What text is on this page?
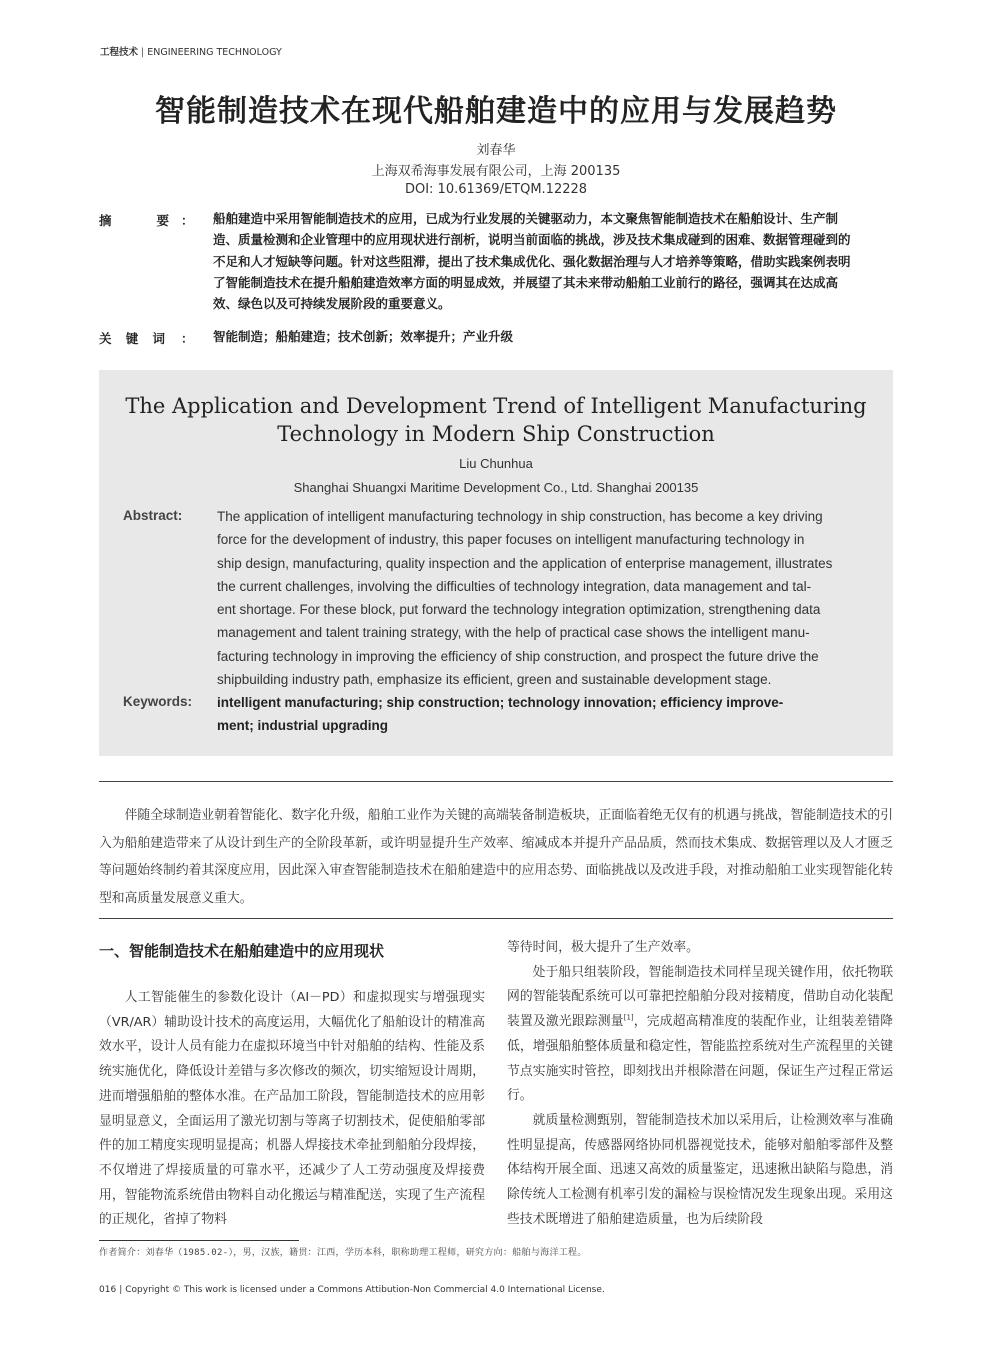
工程技术 | ENGINEERING TECHNOLOGY
智能制造技术在现代船舶建造中的应用与发展趋势
刘春华
上海双希海事发展有限公司，上海 200135
DOI: 10.61369/ETQM.12228
摘	要 ： 船舶建造中采用智能制造技术的应用，已成为行业发展的关键驱动力，本文聚焦智能制造技术在船舶设计、生产制
造、质量检测和企业管理中的应用现状进行剖析，说明当前面临的挑战，涉及技术集成碰到的困难、数据管理碰到的
不足和人才短缺等问题。针对这些阻滞，提出了技术集成优化、强化数据治理与人才培养等策略，借助实践案例表明
了智能制造技术在提升船舶建造效率方面的明显成效，并展望了其未来带动船舶工业前行的路径，强调其在达成高
效、绿色以及可持续发展阶段的重要意义。
关 键 词 ： 智能制造；船舶建造；技术创新；效率提升；产业升级
The Application and Development Trend of Intelligent Manufacturing
Technology in Modern Ship Construction
Liu Chunhua
Shanghai Shuangxi Maritime Development Co., Ltd. Shanghai 200135
Abstract:	The application of intelligent manufacturing technology in ship construction, has become a key driving
force for the development of industry, this paper focuses on intelligent manufacturing technology in
ship design, manufacturing, quality inspection and the application of enterprise management, illustrates
the current challenges, involving the difficulties of technology integration, data management and tal-
ent shortage. For these block, put forward the technology integration optimization, strengthening data
management and talent training strategy, with the help of practical case shows the intelligent manu-
facturing technology in improving the efficiency of ship construction, and prospect the future drive the
shipbuilding industry path, emphasize its efficient, green and sustainable development stage.
Keywords: intelligent manufacturing; ship construction; technology innovation; efficiency improve-
ment; industrial upgrading
伴随全球制造业朝着智能化、数字化升级，船舶工业作为关键的高端装备制造板块，正面临着绝无仅有的机遇与挑战，智能制造技术的引入为船舶建造带来了从设计到生产的全阶段革新，或许明显提升生产效率、缩减成本并提升产品品质，然而技术集成、数据管理以及人才匮乏等问题始终制约着其深度应用，因此深入审查智能制造技术在船舶建造中的应用态势、面临挑战以及改进手段，对推动船舶工业实现智能化转型和高质量发展意义重大。
一、智能制造技术在船舶建造中的应用现状

人工智能催生的参数化设计（AI－PD）和虚拟现实与增强现实（VR/AR）辅助设计技术的高度运用，大幅优化了船舶设计的精准高效水平，设计人员有能力在虚拟环境当中针对船舶的结构、性能及系统实施优化，降低设计差错与多次修改的频次，切实缩短设计周期，进而增强船舶的整体水准。在产品加工阶段，智能制造技术的应用彰显明显意义，全面运用了激光切割与等离子切割技术，促使船舶零部件的加工精度实现明显提高；机器人焊接技术牵扯到船舶分段焊接，不仅增进了焊接质量的可靠水平，还减少了人工劳动强度及焊接费用，智能物流系统借由物料自动化搬运与精准配送，实现了生产流程的正规化，省掉了物料

等待时间，极大提升了生产效率。

处于船只组装阶段，智能制造技术同样呈现关键作用，依托物联网的智能装配系统可以可靠把控船舶分段对接精度，借助自动化装配装置及激光跟踪测量[1]，完成超高精准度的装配作业，让组装差错降低，增强船舶整体质量和稳定性，智能监控系统对生产流程里的关键节点实施实时管控，即刻找出并根除潜在问题，保证生产过程正常运行。

就质量检测甄别，智能制造技术加以采用后，让检测效率与准确性明显提高，传感器网络协同机器视觉技术，能够对船舶零部件及整体结构开展全面、迅速又高效的质量鉴定，迅速揪出缺陷与隐患，消除传统人工检测有机率引发的漏检与误检情况发生现象出现。采用这些技术既增进了船舶建造质量，也为后续阶段

作者简介：刘春华（1985.02-），男，汉族，籍贯：江西，学历本科，职称助理工程师，研究方向：船舶与海洋工程。
016 | Copyright © This work is licensed under a Commons Attibution-Non Commercial 4.0 International License.
